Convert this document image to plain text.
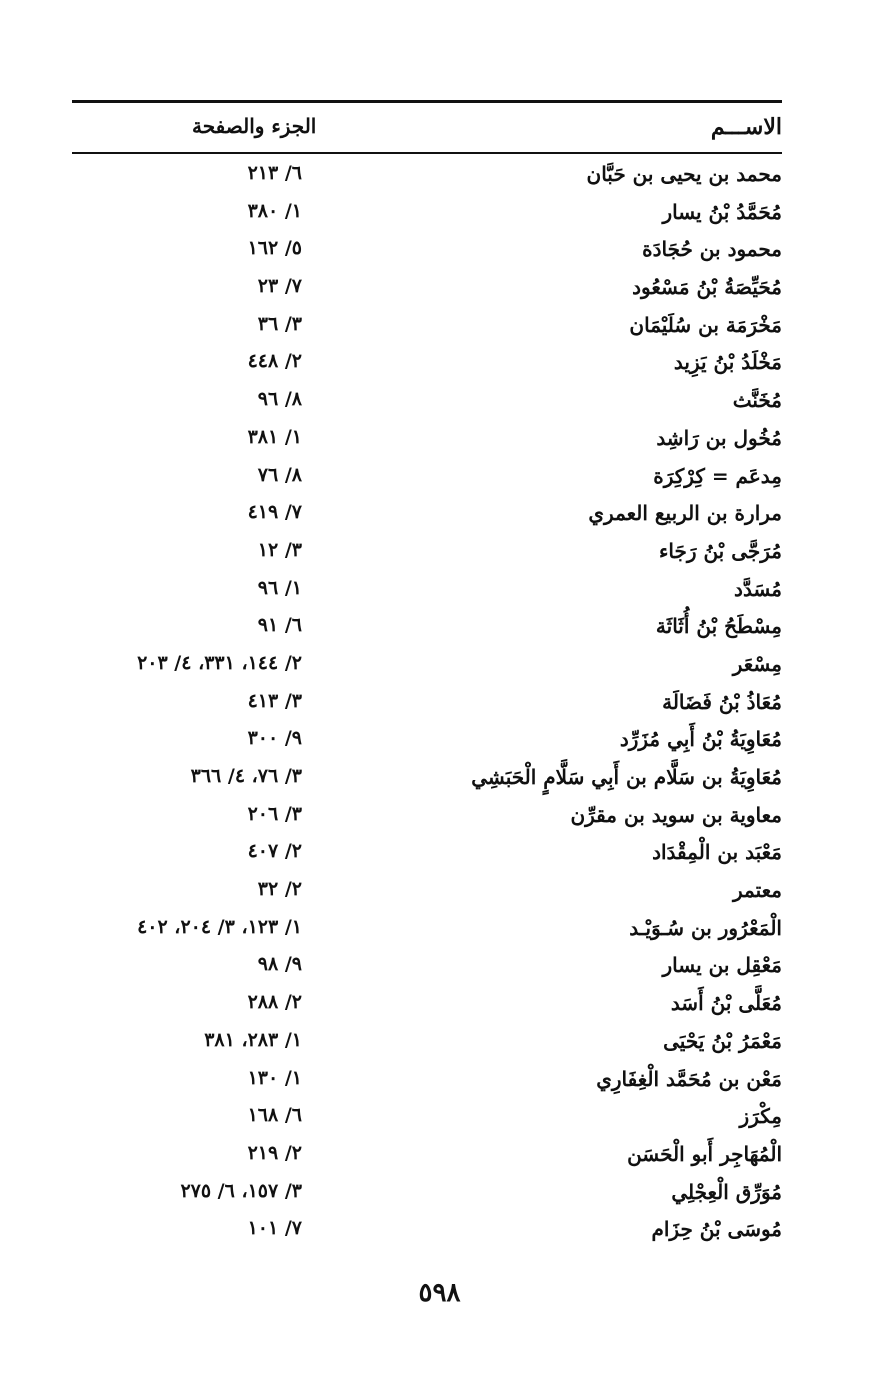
الاســـم
الجزء والصفحة
محمد بن يحيى بن حَبَّان
٦/ ٢١٣
مُحَمَّدُ بْنُ يسار
١/ ٣٨٠
محمود بن حُجَادَة
٥/ ١٦٢
مُحَيِّصَةُ بْنُ مَسْعُود
٧/ ٢٣
مَخْرَمَة بن سُلَيْمَان
٣/ ٣٦
مَخْلَدُ بْنُ يَزِيد
٢/ ٤٤٨
مُخَنَّث
٨/ ٩٦
مُخُول بن رَاشِد
١/ ٣٨١
مِدعَم = كِرْكِرَة
٨/ ٧٦
مرارة بن الربيع العمري
٧/ ٤١٩
مُرَجَّى بْنُ رَجَاء
٣/ ١٢
مُسَدَّد
١/ ٩٦
مِسْطَحُ بْنُ أُثَاثَة
٦/ ٩١
مِسْعَر
٢/ ١٤٤، ٣٣١، ٤/ ٢٠٣
مُعَاذُ بْنُ فَضَالَة
٣/ ٤١٣
مُعَاوِيَةُ بْنُ أَبِي مُزَرِّد
٩/ ٣٠٠
مُعَاوِيَةُ بن سَلَّام بن أَبِي سَلَّامٍ الْحَبَشِي
٣/ ٧٦، ٤/ ٣٦٦
معاوية بن سويد بن مقرِّن
٣/ ٢٠٦
مَعْبَد بن الْمِقْدَاد
٢/ ٤٠٧
معتمر
٢/ ٣٢
الْمَعْرُور بن سُـوَيْـد
١/ ١٢٣، ٣/ ٢٠٤، ٤٠٢
مَعْقِل بن يسار
٩/ ٩٨
مُعَلَّى بْنُ أَسَد
٢/ ٢٨٨
مَعْمَرُ بْنُ يَحْيَى
١/ ٢٨٣، ٣٨١
مَعْن بن مُحَمَّد الْغِفَارِي
١/ ١٣٠
مِكْرَز
٦/ ١٦٨
الْمُهَاجِر أَبو الْحَسَن
٢/ ٢١٩
مُوَرِّق الْعِجْلِي
٣/ ١٥٧، ٦/ ٢٧٥
مُوسَى بْنُ حِزَام
٧/ ١٠١
٥٩٨
